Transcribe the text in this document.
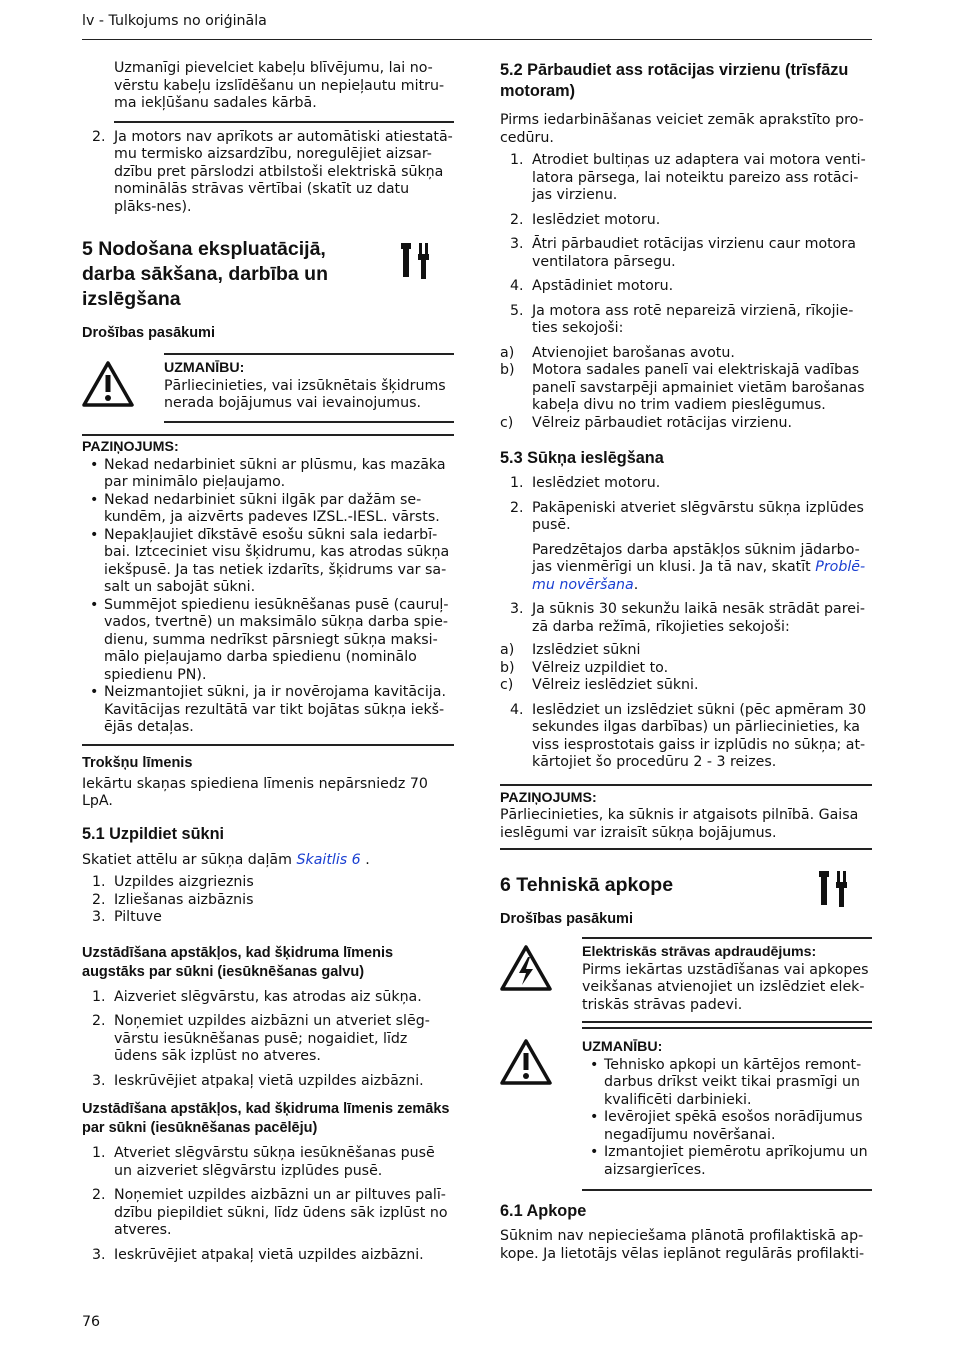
lv - Tulkojums no oriģināla

Uzmanīgi pievelciet kabeļu blīvējumu, lai no-vērstu kabeļu izslīdēšanu un nepieļautu mitru-ma iekļūšanu sadales kārbā.

2. Ja motors nav aprīkots ar automātiski atiestatā-mu termisko aizsardzību, noregulējiet aizsar-dzību pret pārslodzi atbilstoši elektriskā sūkņa nominālās strāvas vērtībai (skatīt uz datu plāks-nes).
5 Nodošana ekspluatācijā, darba sākšana, darbība un izslēgšana
Drošības pasākumi
UZMANĪBU:

Pārliecinieties, vai izsūknētais šķidrums nerada bojājumus vai ievainojumus.

PAZIŅOJUMS:
• Nekad nedarbiniet sūkni ar plūsmu, kas mazāka par minimālo pieļaujamo.
• Nekad nedarbiniet sūkni ilgāk par dažām se-kundēm, ja aizvērts padeves IZSL.-IESL. vārsts.
• Nepakļaujiet dīkstāvē esošu sūkni sala iedarbī-bai. Iztceciniet visu šķidrumu, kas atrodas sūkņa iekšpusē. Ja tas netiek izdarīts, šķidrums var sa-salt un sabojāt sūkni.
• Summējot spiedienu iesūknēšanas pusē (cauruļ-vados, tvertnē) un maksimālo sūkņa darba spie-dienu, summa nedrīkst pārsniegt sūkņa maksi-mālo pieļaujamo darba spiedienu (nominālo spiedienu PN).
• Neizmantojiet sūkni, ja ir novērojama kavitācija. Kavitācijas rezultātā var tikt bojātas sūkņa iekš-ējās detaļas.
Trokšņu līmenis

Iekārtu skaņas spiediena līmenis nepārsniedz 70 LpA.

5.1 Uzpildiet sūkni

Skatiet attēlu ar sūkņa daļām Skaitlis 6 .

1. Uzpildes aizgrieznis
2. Izliešanas aizbāznis
3. Piltuve
Uzstādīšana apstākļos, kad šķidruma līmenis augstāks par sūkni (iesūknēšanas galvu)
1. Aizveriet slēgvārstu, kas atrodas aiz sūkņa.
2. Noņemiet uzpildes aizbāzni un atveriet slēg-vārstu iesūknēšanas pusē; nogaidiet, līdz ūdens sāk izplūst no atveres.
3. Ieskrūvējiet atpakaļ vietā uzpildes aizbāzni.
Uzstādīšana apstākļos, kad šķidruma līmenis zemāks par sūkni (iesūknēšanas pacēlēju)
1. Atveriet slēgvārstu sūkņa iesūknēšanas pusē un aizveriet slēgvārstu izplūdes pusē.
2. Noņemiet uzpildes aizbāzni un ar piltuves palī-dzību piepildiet sūkni, līdz ūdens sāk izplūst no atveres.
3. Ieskrūvējiet atpakaļ vietā uzpildes aizbāzni.
5.2 Pārbaudiet ass rotācijas virzienu (trīsfāzu motoram)

Pirms iedarbināšanas veiciet zemāk aprakstīto pro-cedūru.

1. Atrodiet bultiņas uz adaptera vai motora venti-latora pārsega, lai noteiktu pareizo ass rotāci-jas virzienu.
2. Ieslēdziet motoru.
3. Ātri pārbaudiet rotācijas virzienu caur motora ventilatora pārsegu.
4. Apstādiniet motoru.
5. Ja motora ass rotē nepareizā virzienā, rīkojie-ties sekojoši:
a) Atvienojiet barošanas avotu.
b) Motora sadales panelī vai elektriskajā vadības panelī savstarpēji apmainiet vietām barošanas kabeļa divu no trim vadiem pieslēgumus.
c) Vēlreiz pārbaudiet rotācijas virzienu.
5.3 Sūkņa ieslēgšana
1. Ieslēdziet motoru.
2. Pakāpeniski atveriet slēgvārstu sūkņa izplūdes pusē.

Paredzētajos darba apstākļos sūknim jādarbo-jas vienmērīgi un klusi. Ja tā nav, skatīt Problē-mu novēršana.

3. Ja sūknis 30 sekunžu laikā nesāk strādāt parei-zā darba režīmā, rīkojieties sekojoši:
a) Izslēdziet sūkni
b) Vēlreiz uzpildiet to.
c) Vēlreiz ieslēdziet sūkni.
4. Ieslēdziet un izslēdziet sūkni (pēc apmēram 30 sekundes ilgas darbības) un pārliecinieties, ka viss iesprostotais gaiss ir izplūdis no sūkņa; at-kārtojiet šo procedūru 2 - 3 reizes.
PAZIŅOJUMS:

Pārliecinieties, ka sūknis ir atgaisots pilnībā. Gaisa ieslēgumi var izraisīt sūkņa bojājumus.

6 Tehniskā apkope
Drošības pasākumi
Elektriskās strāvas apdraudējums:

Pirms iekārtas uzstādīšanas vai apkopes veikšanas atvienojiet un izslēdziet elek-triskās strāvas padevi.

UZMANĪBU:
• Tehnisko apkopi un kārtējos remont-darbus drīkst veikt tikai prasmīgi un kvalificēti darbinieki.
• Ievērojiet spēkā esošos norādījumus negadījumu novēršanai.
• Izmantojiet piemērotu aprīkojumu un aizsargierīces.
6.1 Apkope

Sūknim nav nepieciešama plānotā profilaktiskā ap-kope. Ja lietotājs vēlas ieplānot regulārās profilakti-

76
